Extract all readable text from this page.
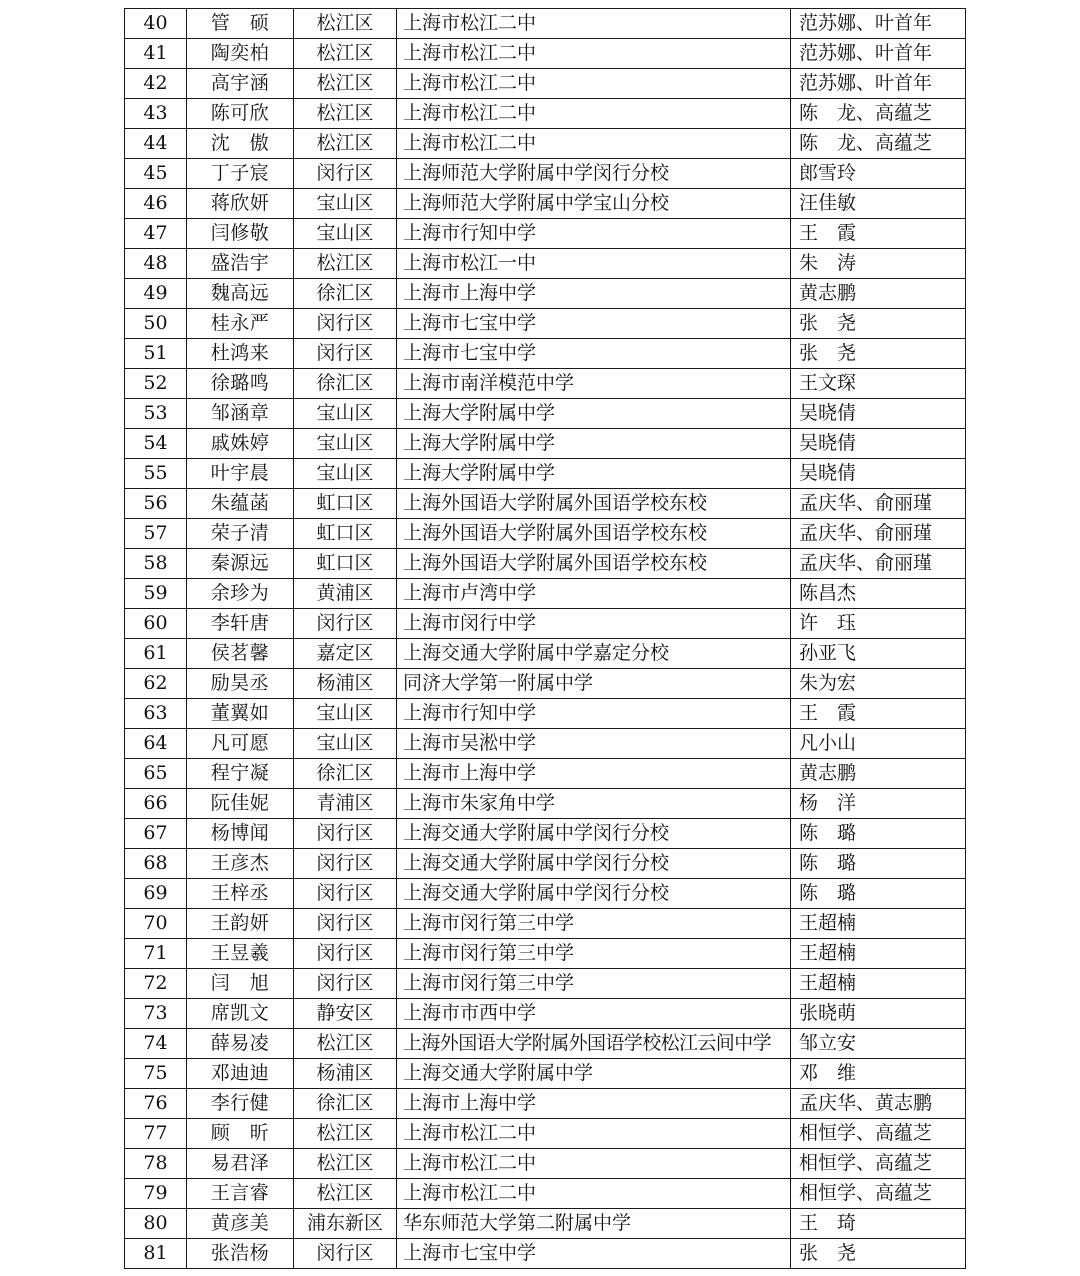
40	管　硕	松江区	上海市松江二中	范苏娜、叶首年
41	陶奕柏	松江区	上海市松江二中	范苏娜、叶首年
42	高宇涵	松江区	上海市松江二中	范苏娜、叶首年
43	陈可欣	松江区	上海市松江二中	陈　龙、高蕴芝
44	沈　傲	松江区	上海市松江二中	陈　龙、高蕴芝
45	丁子宸	闵行区	上海师范大学附属中学闵行分校	郎雪玲
46	蒋欣妍	宝山区	上海师范大学附属中学宝山分校	汪佳敏
47	闫修敬	宝山区	上海市行知中学	王　霞
48	盛浩宇	松江区	上海市松江一中	朱　涛
49	魏高远	徐汇区	上海市上海中学	黄志鹏
50	桂永严	闵行区	上海市七宝中学	张　尧
51	杜鸿来	闵行区	上海市七宝中学	张　尧
52	徐璐鸣	徐汇区	上海市南洋模范中学	王文琛
53	邹涵章	宝山区	上海大学附属中学	吴晓倩
54	戚姝婷	宝山区	上海大学附属中学	吴晓倩
55	叶宇晨	宝山区	上海大学附属中学	吴晓倩
56	朱蕴菡	虹口区	上海外国语大学附属外国语学校东校	孟庆华、俞丽瑾
57	荣子清	虹口区	上海外国语大学附属外国语学校东校	孟庆华、俞丽瑾
58	秦源远	虹口区	上海外国语大学附属外国语学校东校	孟庆华、俞丽瑾
59	余珍为	黄浦区	上海市卢湾中学	陈昌杰
60	李轩唐	闵行区	上海市闵行中学	许　珏
61	侯茗馨	嘉定区	上海交通大学附属中学嘉定分校	孙亚飞
62	励昊丞	杨浦区	同济大学第一附属中学	朱为宏
63	董翼如	宝山区	上海市行知中学	王　霞
64	凡可愿	宝山区	上海市吴淞中学	凡小山
65	程宁凝	徐汇区	上海市上海中学	黄志鹏
66	阮佳妮	青浦区	上海市朱家角中学	杨　洋
67	杨博闻	闵行区	上海交通大学附属中学闵行分校	陈　璐
68	王彦杰	闵行区	上海交通大学附属中学闵行分校	陈　璐
69	王梓丞	闵行区	上海交通大学附属中学闵行分校	陈　璐
70	王韵妍	闵行区	上海市闵行第三中学	王超楠
71	王昱羲	闵行区	上海市闵行第三中学	王超楠
72	闫　旭	闵行区	上海市闵行第三中学	王超楠
73	席凯文	静安区	上海市市西中学	张晓萌
74	薛易凌	松江区	上海外国语大学附属外国语学校松江云间中学	邹立安
75	邓迪迪	杨浦区	上海交通大学附属中学	邓　维
76	李行健	徐汇区	上海市上海中学	孟庆华、黄志鹏
77	顾　昕	松江区	上海市松江二中	相恒学、高蕴芝
78	易君泽	松江区	上海市松江二中	相恒学、高蕴芝
79	王言睿	松江区	上海市松江二中	相恒学、高蕴芝
80	黄彦美	浦东新区	华东师范大学第二附属中学	王　琦
81	张浩杨	闵行区	上海市七宝中学	张　尧
